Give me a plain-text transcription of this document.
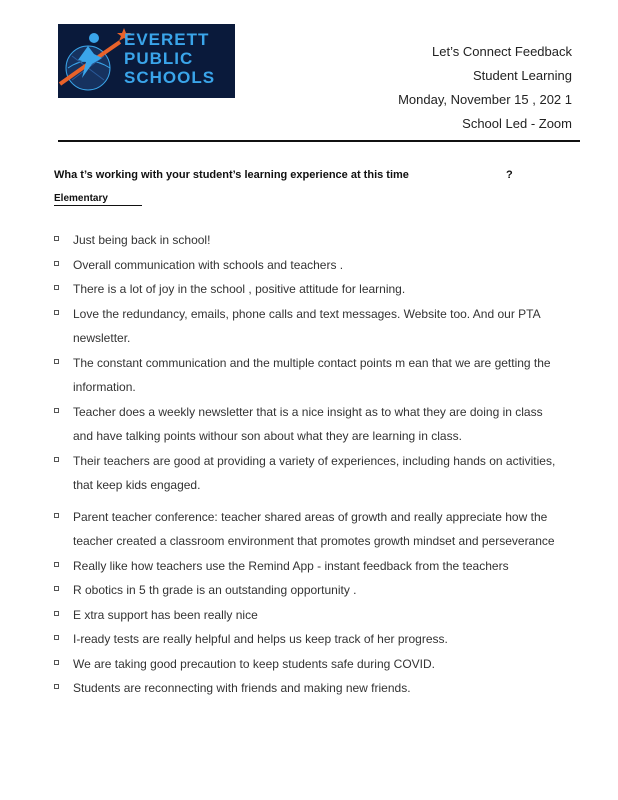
EVERETT
PUBLIC
SCHOOLS
Let’s Connect Feedback
Student Learning
Monday, November 15 , 202 1
School Led - Zoom
Wha t’s working with your student’s learning experience at this time	?
Elementary
Just being back in school!
Overall communication with schools and teachers .
There is a lot of joy in the school , positive attitude for learning.
Love the redundancy, emails, phone calls and text messages. Website too. And our PTA newsletter.
The constant communication and the multiple contact points m ean that we are getting the information.
Teacher does a weekly newsletter that is a nice insight as to what they are doing in class and have talking points withour son about what they are learning in class.
Their teachers are good at providing a variety of experiences, including hands on activities, that keep kids engaged.
Parent teacher conference: teacher shared areas of growth and really appreciate how the teacher created a classroom environment that promotes growth mindset and perseverance
Really like how teachers use the Remind App - instant feedback from the teachers
R obotics in 5 th grade is an outstanding opportunity .
E xtra support has been really nice
I-ready tests are really helpful and helps us keep track of her progress.
We are taking good precaution to keep students safe during COVID.
Students are reconnecting with friends and making new friends.
